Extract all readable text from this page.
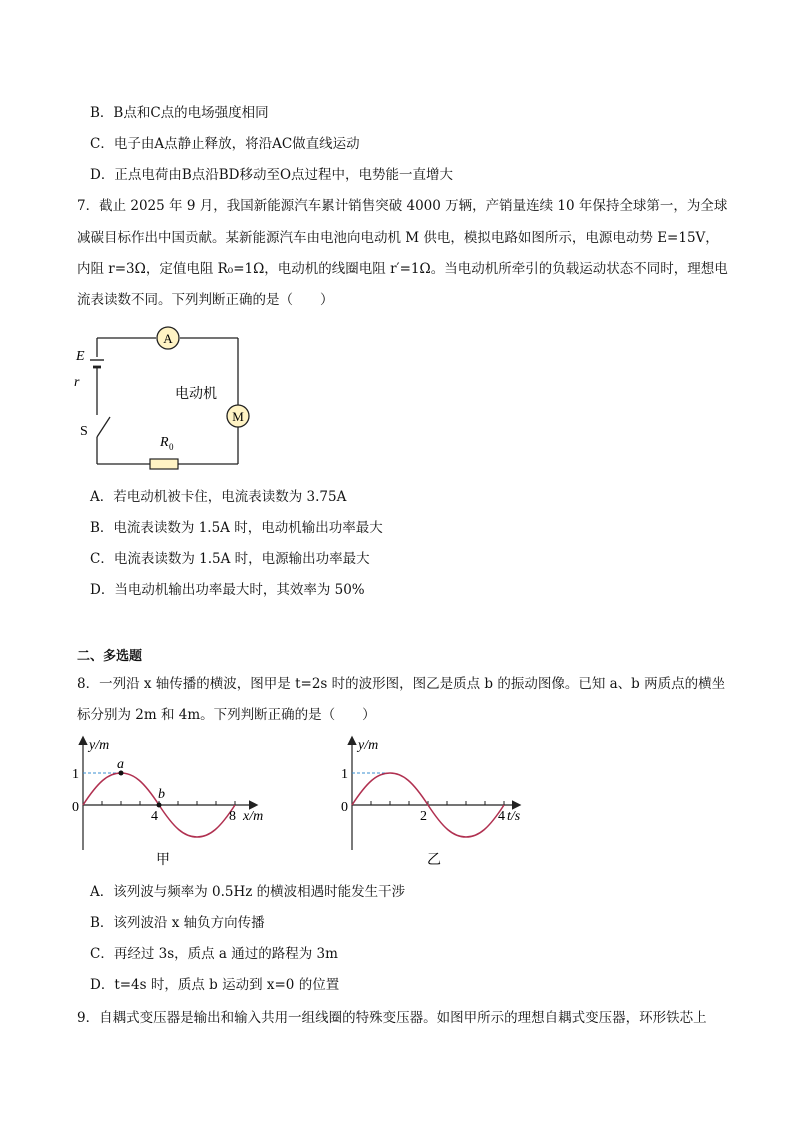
B．B点和C点的电场强度相同
C．电子由A点静止释放，将沿AC做直线运动
D．正点电荷由B点沿BD移动至O点过程中，电势能一直增大
7．截止 2025 年 9 月，我国新能源汽车累计销售突破 4000 万辆，产销量连续 10 年保持全球第一，为全球
减碳目标作出中国贡献。某新能源汽车由电池向电动机 M 供电，模拟电路如图所示，电源电动势 E=15V，
内阻 r=3Ω，定值电阻 R₀=1Ω，电动机的线圈电阻 r′=1Ω。当电动机所牵引的负载运动状态不同时，理想电
流表读数不同。下列判断正确的是（　　）
A
M
E
r
S
R 0
电动机
A．若电动机被卡住，电流表读数为 3.75A
B．电流表读数为 1.5A 时，电动机输出功率最大
C．电流表读数为 1.5A 时，电源输出功率最大
D．当电动机输出功率最大时，其效率为 50%
二、多选题
8．一列沿 x 轴传播的横波，图甲是 t=2s 时的波形图，图乙是质点 b 的振动图像。已知 a、b 两质点的横坐
标分别为 2m 和 4m。下列判断正确的是（　　）
y/m
x/m
0
1
4	8
a
b
甲
y/m
t/s
0
1
2	4
乙
A．该列波与频率为 0.5Hz 的横波相遇时能发生干涉
B．该列波沿 x 轴负方向传播
C．再经过 3s，质点 a 通过的路程为 3m
D．t=4s 时，质点 b 运动到 x=0 的位置
9．自耦式变压器是输出和输入共用一组线圈的特殊变压器。如图甲所示的理想自耦式变压器，环形铁芯上
